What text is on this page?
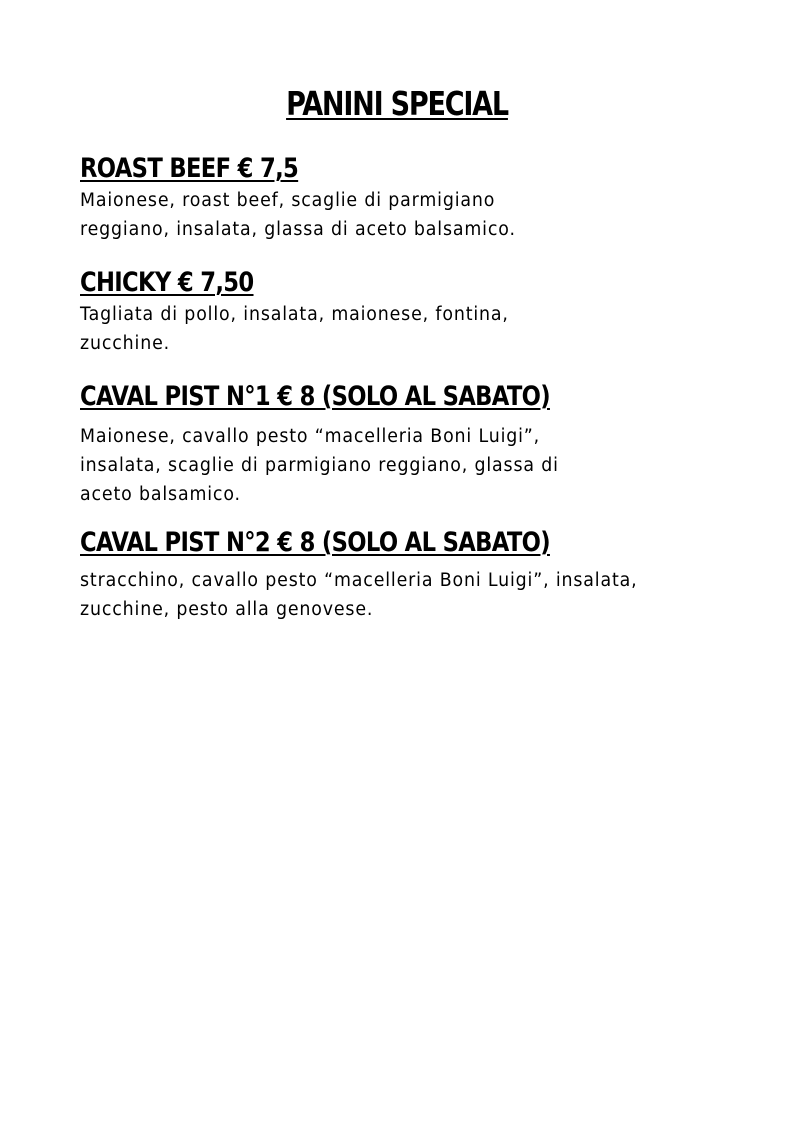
PANINI SPECIAL
ROAST BEEF € 7,5

Maionese, roast beef, scaglie di parmigiano
reggiano, insalata, glassa di aceto balsamico.

CHICKY € 7,50

Tagliata di pollo, insalata, maionese, fontina,
zucchine.

CAVAL PIST N°1 € 8 (SOLO AL SABATO)

Maionese, cavallo pesto “macelleria Boni Luigi”,
insalata, scaglie di parmigiano reggiano, glassa di
aceto balsamico.

CAVAL PIST N°2 € 8 (SOLO AL SABATO)

stracchino, cavallo pesto “macelleria Boni Luigi”, insalata,
zucchine, pesto alla genovese.
